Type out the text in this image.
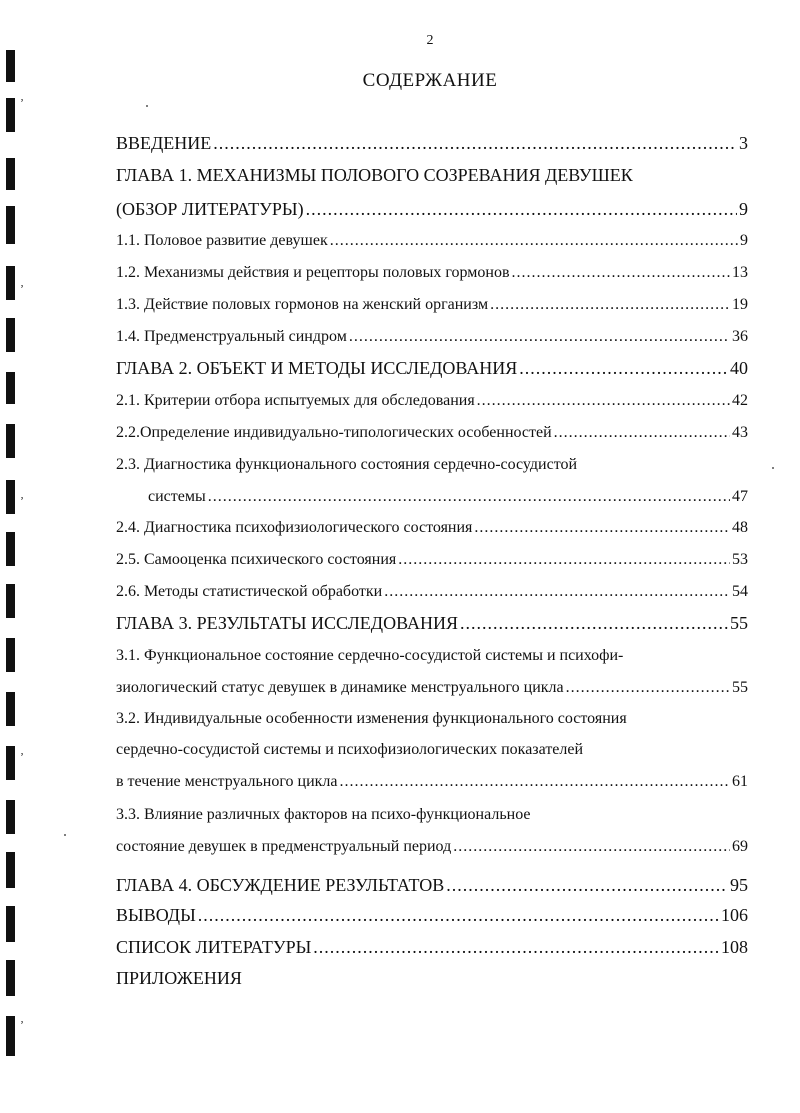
2
СОДЕРЖАНИЕ
ВВЕДЕНИЕ .....	3
ГЛАВА 1. МЕХАНИЗМЫ ПОЛОВОГО СОЗРЕВАНИЯ ДЕВУШЕК
(ОБЗОР ЛИТЕРАТУРЫ) .....	9
1.1. Половое развитие девушек .....	9
1.2. Механизмы действия и рецепторы половых гормонов .....	13
1.3. Действие половых гормонов на женский организм .....	19
1.4. Предменструальный синдром .....	36
ГЛАВА 2. ОБЪЕКТ И МЕТОДЫ ИССЛЕДОВАНИЯ .....	40
2.1. Критерии отбора испытуемых для обследования .....	42
2.2.Определение индивидуально-типологических особенностей .....	43
2.3. Диагностика функционального состояния сердечно-сосудистой
системы .....	47
2.4. Диагностика психофизиологического состояния .....	48
2.5. Самооценка психического состояния .....	53
2.6. Методы статистической обработки .....	54
ГЛАВА 3. РЕЗУЛЬТАТЫ ИССЛЕДОВАНИЯ .....	55
3.1. Функциональное состояние сердечно-сосудистой системы и психофи-
зиологический статус девушек в динамике менструального цикла .....	55
3.2. Индивидуальные особенности изменения функционального состояния
сердечно-сосудистой системы и психофизиологических показателей
в течение менструального цикла .....	61
3.3. Влияние различных факторов на психо-функциональное
состояние девушек в предменструальный период .....	69
ГЛАВА 4. ОБСУЖДЕНИЕ РЕЗУЛЬТАТОВ .....	95
ВЫВОДЫ .....	106
СПИСОК ЛИТЕРАТУРЫ .....	108
ПРИЛОЖЕНИЯ
ʼ
ʼ
ʼ
ʼ
ʼ
